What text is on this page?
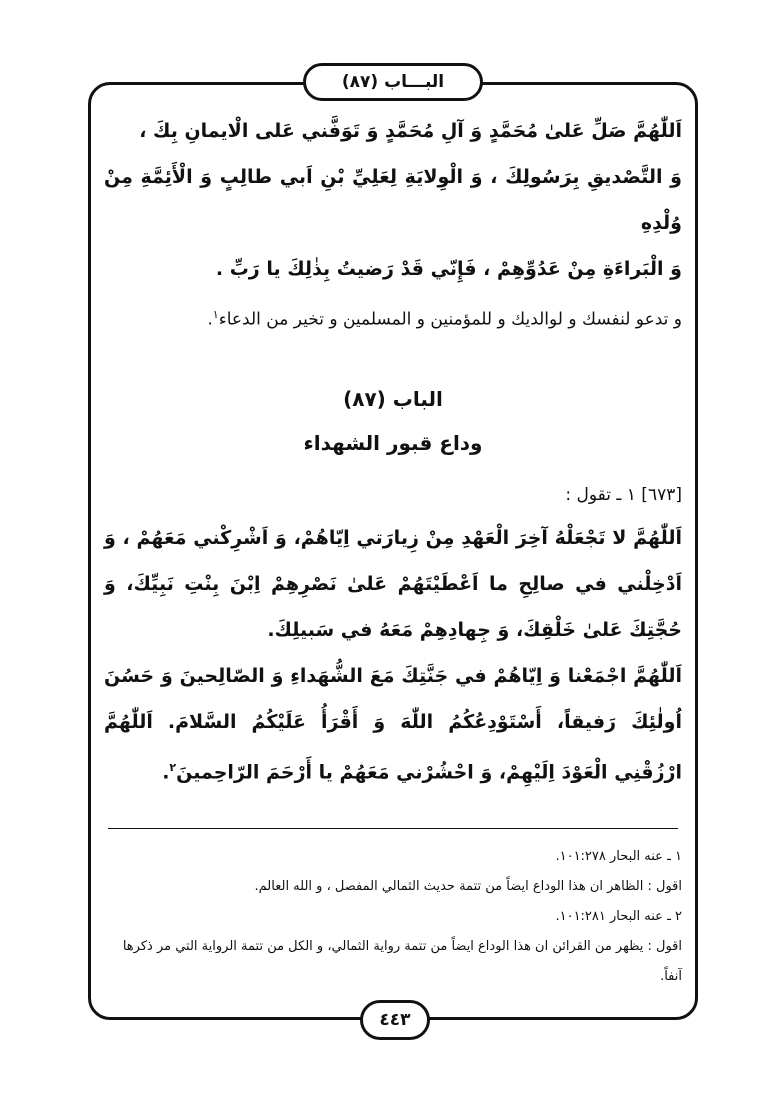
البـــاب (٨٧)

اَللّٰهُمَّ صَلِّ عَلىٰ مُحَمَّدٍ وَ آلِ مُحَمَّدٍ وَ تَوَفَّني عَلى الْايمانِ بِكَ ،

وَ التَّصْديقِ بِرَسُولِكَ ، وَ الْوِلايَةِ لِعَلِيِّ بْنِ اَبي طالِبٍ وَ الْأَئِمَّةِ مِنْ وُلْدِهِ

وَ الْبَراءَةِ مِنْ عَدُوِّهِمْ ، فَإِنّي قَدْ رَضيتُ بِذٰلِكَ يا رَبِّ .

و تدعو لنفسك و لوالديك و للمؤمنين و المسلمين و تخير من الدعاء$^١$.

الباب (٨٧)

وداع قبور الشهداء

[٦٧٣] ١ ـ تقول :

اَللّٰهُمَّ لا تَجْعَلْهُ آخِرَ الْعَهْدِ مِنْ زِيارَتي اِيّاهُمْ، وَ اَشْرِكْني مَعَهُمْ ، وَ اَدْخِلْني في صالِحِ ما اَعْطَيْتَهُمْ عَلىٰ نَصْرِهِمْ اِبْنَ بِنْتِ نَبِيِّكَ، وَ حُجَّتِكَ عَلىٰ خَلْقِكَ، وَ جِهادِهِمْ مَعَهُ في سَبيلِكَ.

اَللّٰهُمَّ اجْمَعْنا وَ اِيّاهُمْ في جَنَّتِكَ مَعَ الشُّهَداءِ وَ الصّالِحينَ وَ حَسُنَ اُولٰئِكَ رَفيقاً، أَسْتَوْدِعُكُمُ اللّٰهَ وَ أَقْرَأُ عَلَيْكُمُ السَّلامَ. اَللّٰهُمَّ ارْزُقْنِي الْعَوْدَ اِلَيْهِمْ، وَ احْشُرْني مَعَهُمْ يا أَرْحَمَ الرّاحِمينَ$^٢$.

١ ـ عنه البحار ١٠١:٢٧٨.

اقول : الظاهر ان هذا الوداع ايضاً من تتمة حديث الثمالي المفصل ، و الله العالم.

٢ ـ عنه البحار ١٠١:٢٨١.

اقول : يظهر من القرائن ان هذا الوداع ايضاً من تتمة رواية الثمالي، و الكل من تتمة الرواية التي مر ذكرها آنفاً.

٤٤٣
